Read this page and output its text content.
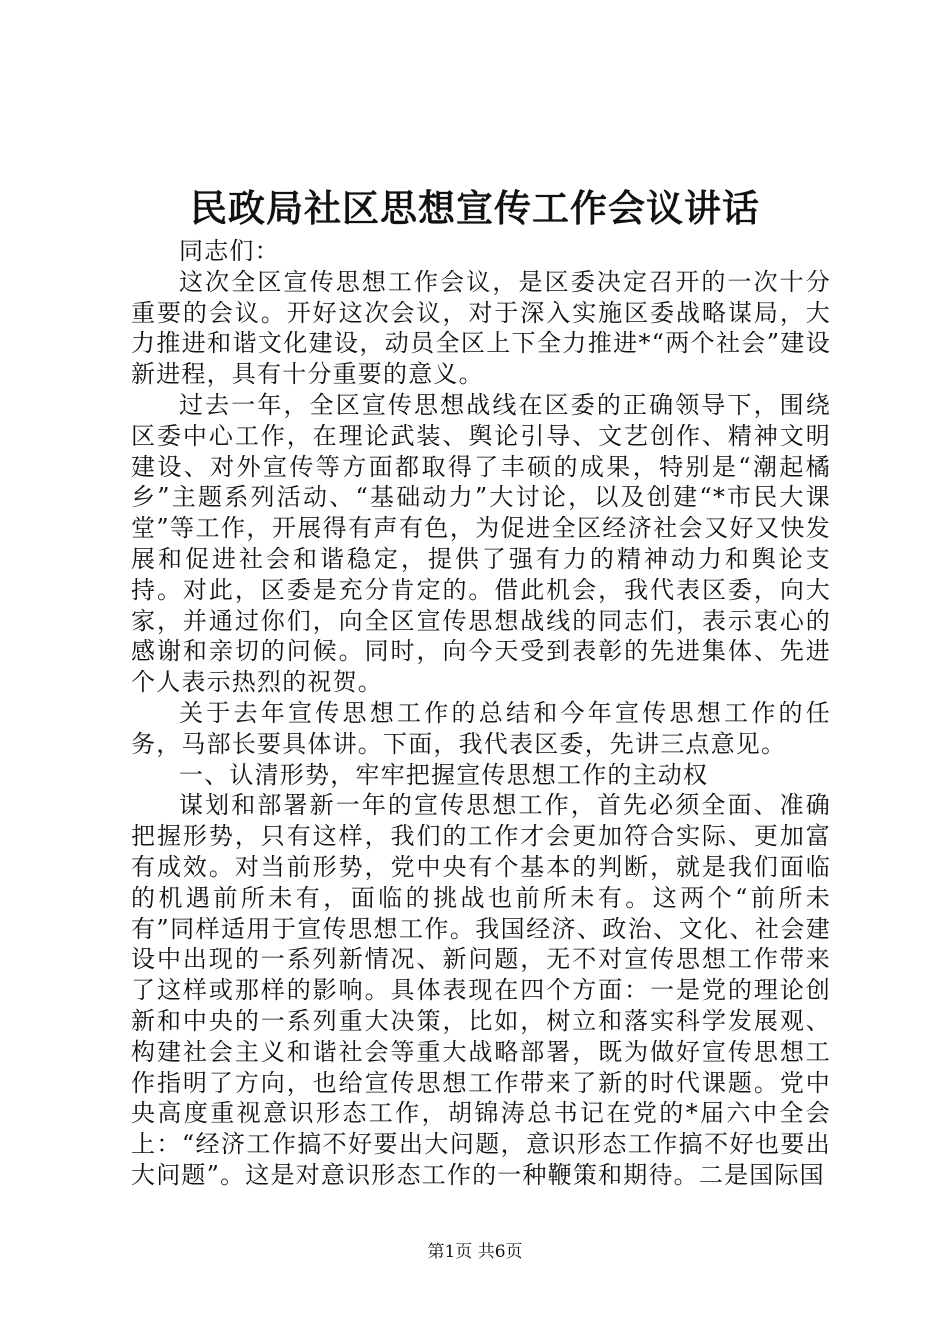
民政局社区思想宣传工作会议讲话

同志们：

这次全区宣传思想工作会议，是区委决定召开的一次十分重要的会议。开好这次会议，对于深入实施区委战略谋局，大力推进和谐文化建设，动员全区上下全力推进*“两个社会”建设新进程，具有十分重要的意义。

过去一年，全区宣传思想战线在区委的正确领导下，围绕区委中心工作，在理论武装、舆论引导、文艺创作、精神文明建设、对外宣传等方面都取得了丰硕的成果，特别是“潮起橘乡”主题系列活动、“基础动力”大讨论，以及创建“*市民大课堂”等工作，开展得有声有色，为促进全区经济社会又好又快发展和促进社会和谐稳定，提供了强有力的精神动力和舆论支持。对此，区委是充分肯定的。借此机会，我代表区委，向大家，并通过你们，向全区宣传思想战线的同志们，表示衷心的感谢和亲切的问候。同时，向今天受到表彰的先进集体、先进个人表示热烈的祝贺。

关于去年宣传思想工作的总结和今年宣传思想工作的任务，马部长要具体讲。下面，我代表区委，先讲三点意见。

一、认清形势，牢牢把握宣传思想工作的主动权

谋划和部署新一年的宣传思想工作，首先必须全面、准确把握形势，只有这样，我们的工作才会更加符合实际、更加富有成效。对当前形势，党中央有个基本的判断，就是我们面临的机遇前所未有，面临的挑战也前所未有。这两个“前所未有”同样适用于宣传思想工作。我国经济、政治、文化、社会建设中出现的一系列新情况、新问题，无不对宣传思想工作带来了这样或那样的影响。具体表现在四个方面：一是党的理论创新和中央的一系列重大决策，比如，树立和落实科学发展观、构建社会主义和谐社会等重大战略部署，既为做好宣传思想工作指明了方向，也给宣传思想工作带来了新的时代课题。党中央高度重视意识形态工作，胡锦涛总书记在党的*届六中全会上：“经济工作搞不好要出大问题，意识形态工作搞不好也要出大问题”。这是对意识形态工作的一种鞭策和期待。二是国际国

第1页 共6页
